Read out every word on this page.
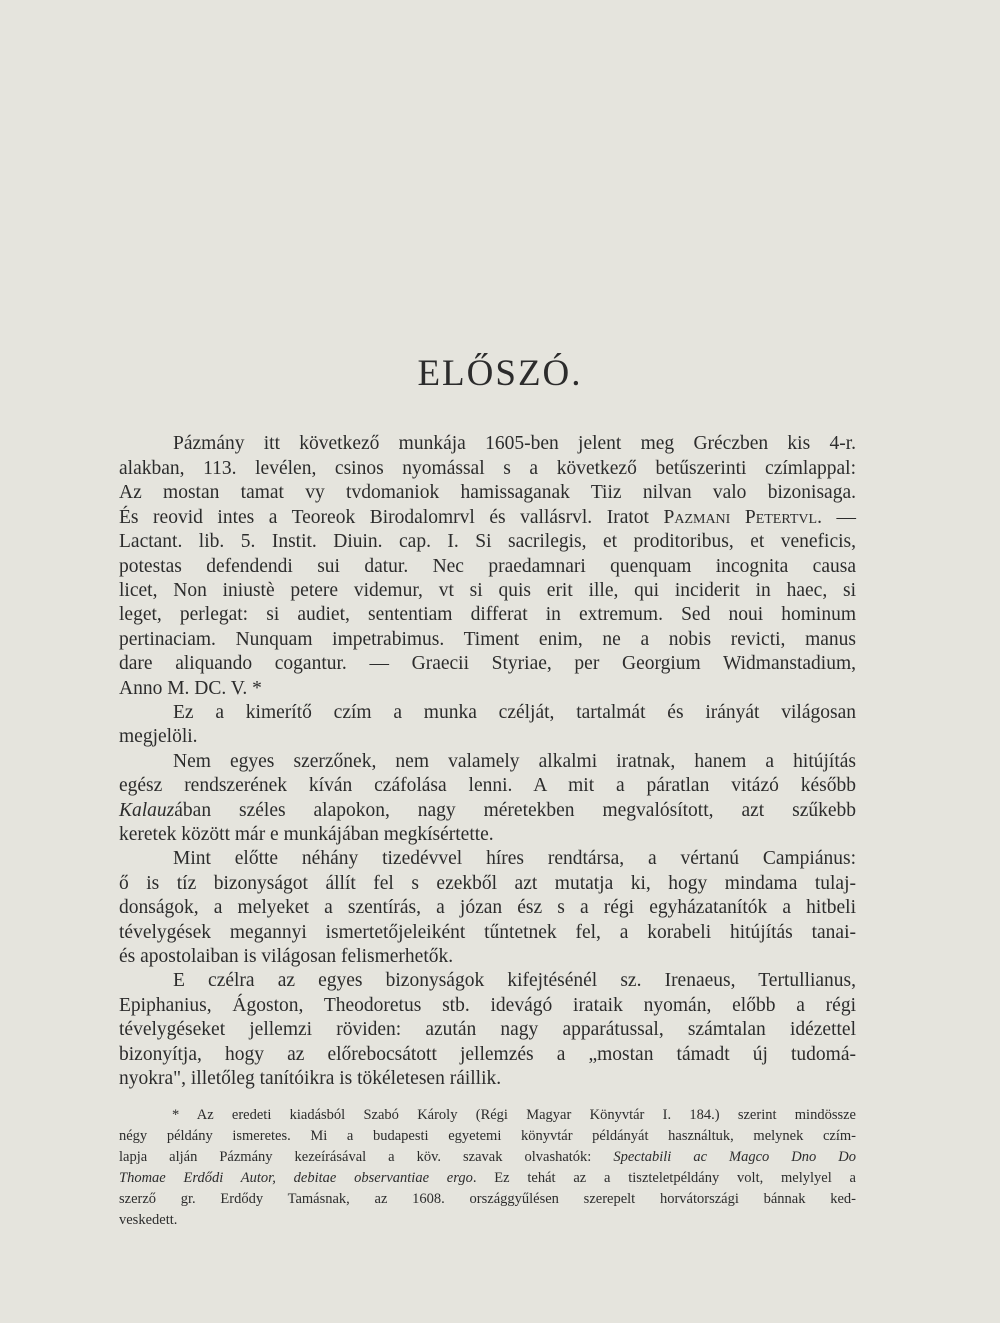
ELŐSZÓ.
Pázmány itt következő munkája 1605-ben jelent meg Gréczben kis 4-r.
alakban, 113. levélen, csinos nyomással s a következő betűszerinti czímlappal:
Az mostan tamat vy tvdomaniok hamissaganak Tiiz nilvan valo bizonisaga.
És reovid intes a Teoreok Birodalomrvl és vallásrvl. Iratot Pazmani Petertvl. —
Lactant. lib. 5. Instit. Diuin. cap. I. Si sacrilegis, et proditoribus, et veneficis,
potestas defendendi sui datur. Nec praedamnari quenquam incognita causa
licet, Non iniustè petere videmur, vt si quis erit ille, qui inciderit in haec, si
leget, perlegat: si audiet, sententiam differat in extremum. Sed noui hominum
pertinaciam. Nunquam impetrabimus. Timent enim, ne a nobis revicti, manus
dare aliquando cogantur. — Graecii Styriae, per Georgium Widmanstadium,
Anno M. DC. V. *
Ez a kimerítő czím a munka czélját, tartalmát és irányát világosan
megjelöli.
Nem egyes szerzőnek, nem valamely alkalmi iratnak, hanem a hitújítás
egész rendszerének kíván czáfolása lenni. A mit a páratlan vitázó később
Kalauzában széles alapokon, nagy méretekben megvalósított, azt szűkebb
keretek között már e munkájában megkísértette.
Mint előtte néhány tizedévvel híres rendtársa, a vértanú Campiánus:
ő is tíz bizonyságot állít fel s ezekből azt mutatja ki, hogy mindama tulaj-
donságok, a melyeket a szentírás, a józan ész s a régi egyházatanítók a hitbeli
tévelygések megannyi ismertetőjeleiként tűntetnek fel, a korabeli hitújítás tanai-
és apostolaiban is világosan felismerhetők.
E czélra az egyes bizonyságok kifejtésénél sz. Irenaeus, Tertullianus,
Epiphanius, Ágoston, Theodoretus stb. idevágó irataik nyomán, előbb a régi
tévelygéseket jellemzi röviden: azután nagy apparátussal, számtalan idézettel
bizonyítja, hogy az előrebocsátott jellemzés a „mostan támadt új tudomá-
nyokra", illetőleg tanítóikra is tökéletesen ráillik.
* Az eredeti kiadásból Szabó Károly (Régi Magyar Könyvtár I. 184.) szerint mindössze
négy példány ismeretes. Mi a budapesti egyetemi könyvtár példányát használtuk, melynek czím-
lapja alján Pázmány kezeírásával a köv. szavak olvashatók: Spectabili ac Magco Dno Do
Thomae Erdődi Autor, debitae observantiae ergo. Ez tehát az a tiszteletpéldány volt, melylyel a
szerző gr. Erdődy Tamásnak, az 1608. országgyűlésen szerepelt horvátországi bánnak ked-
veskedett.
